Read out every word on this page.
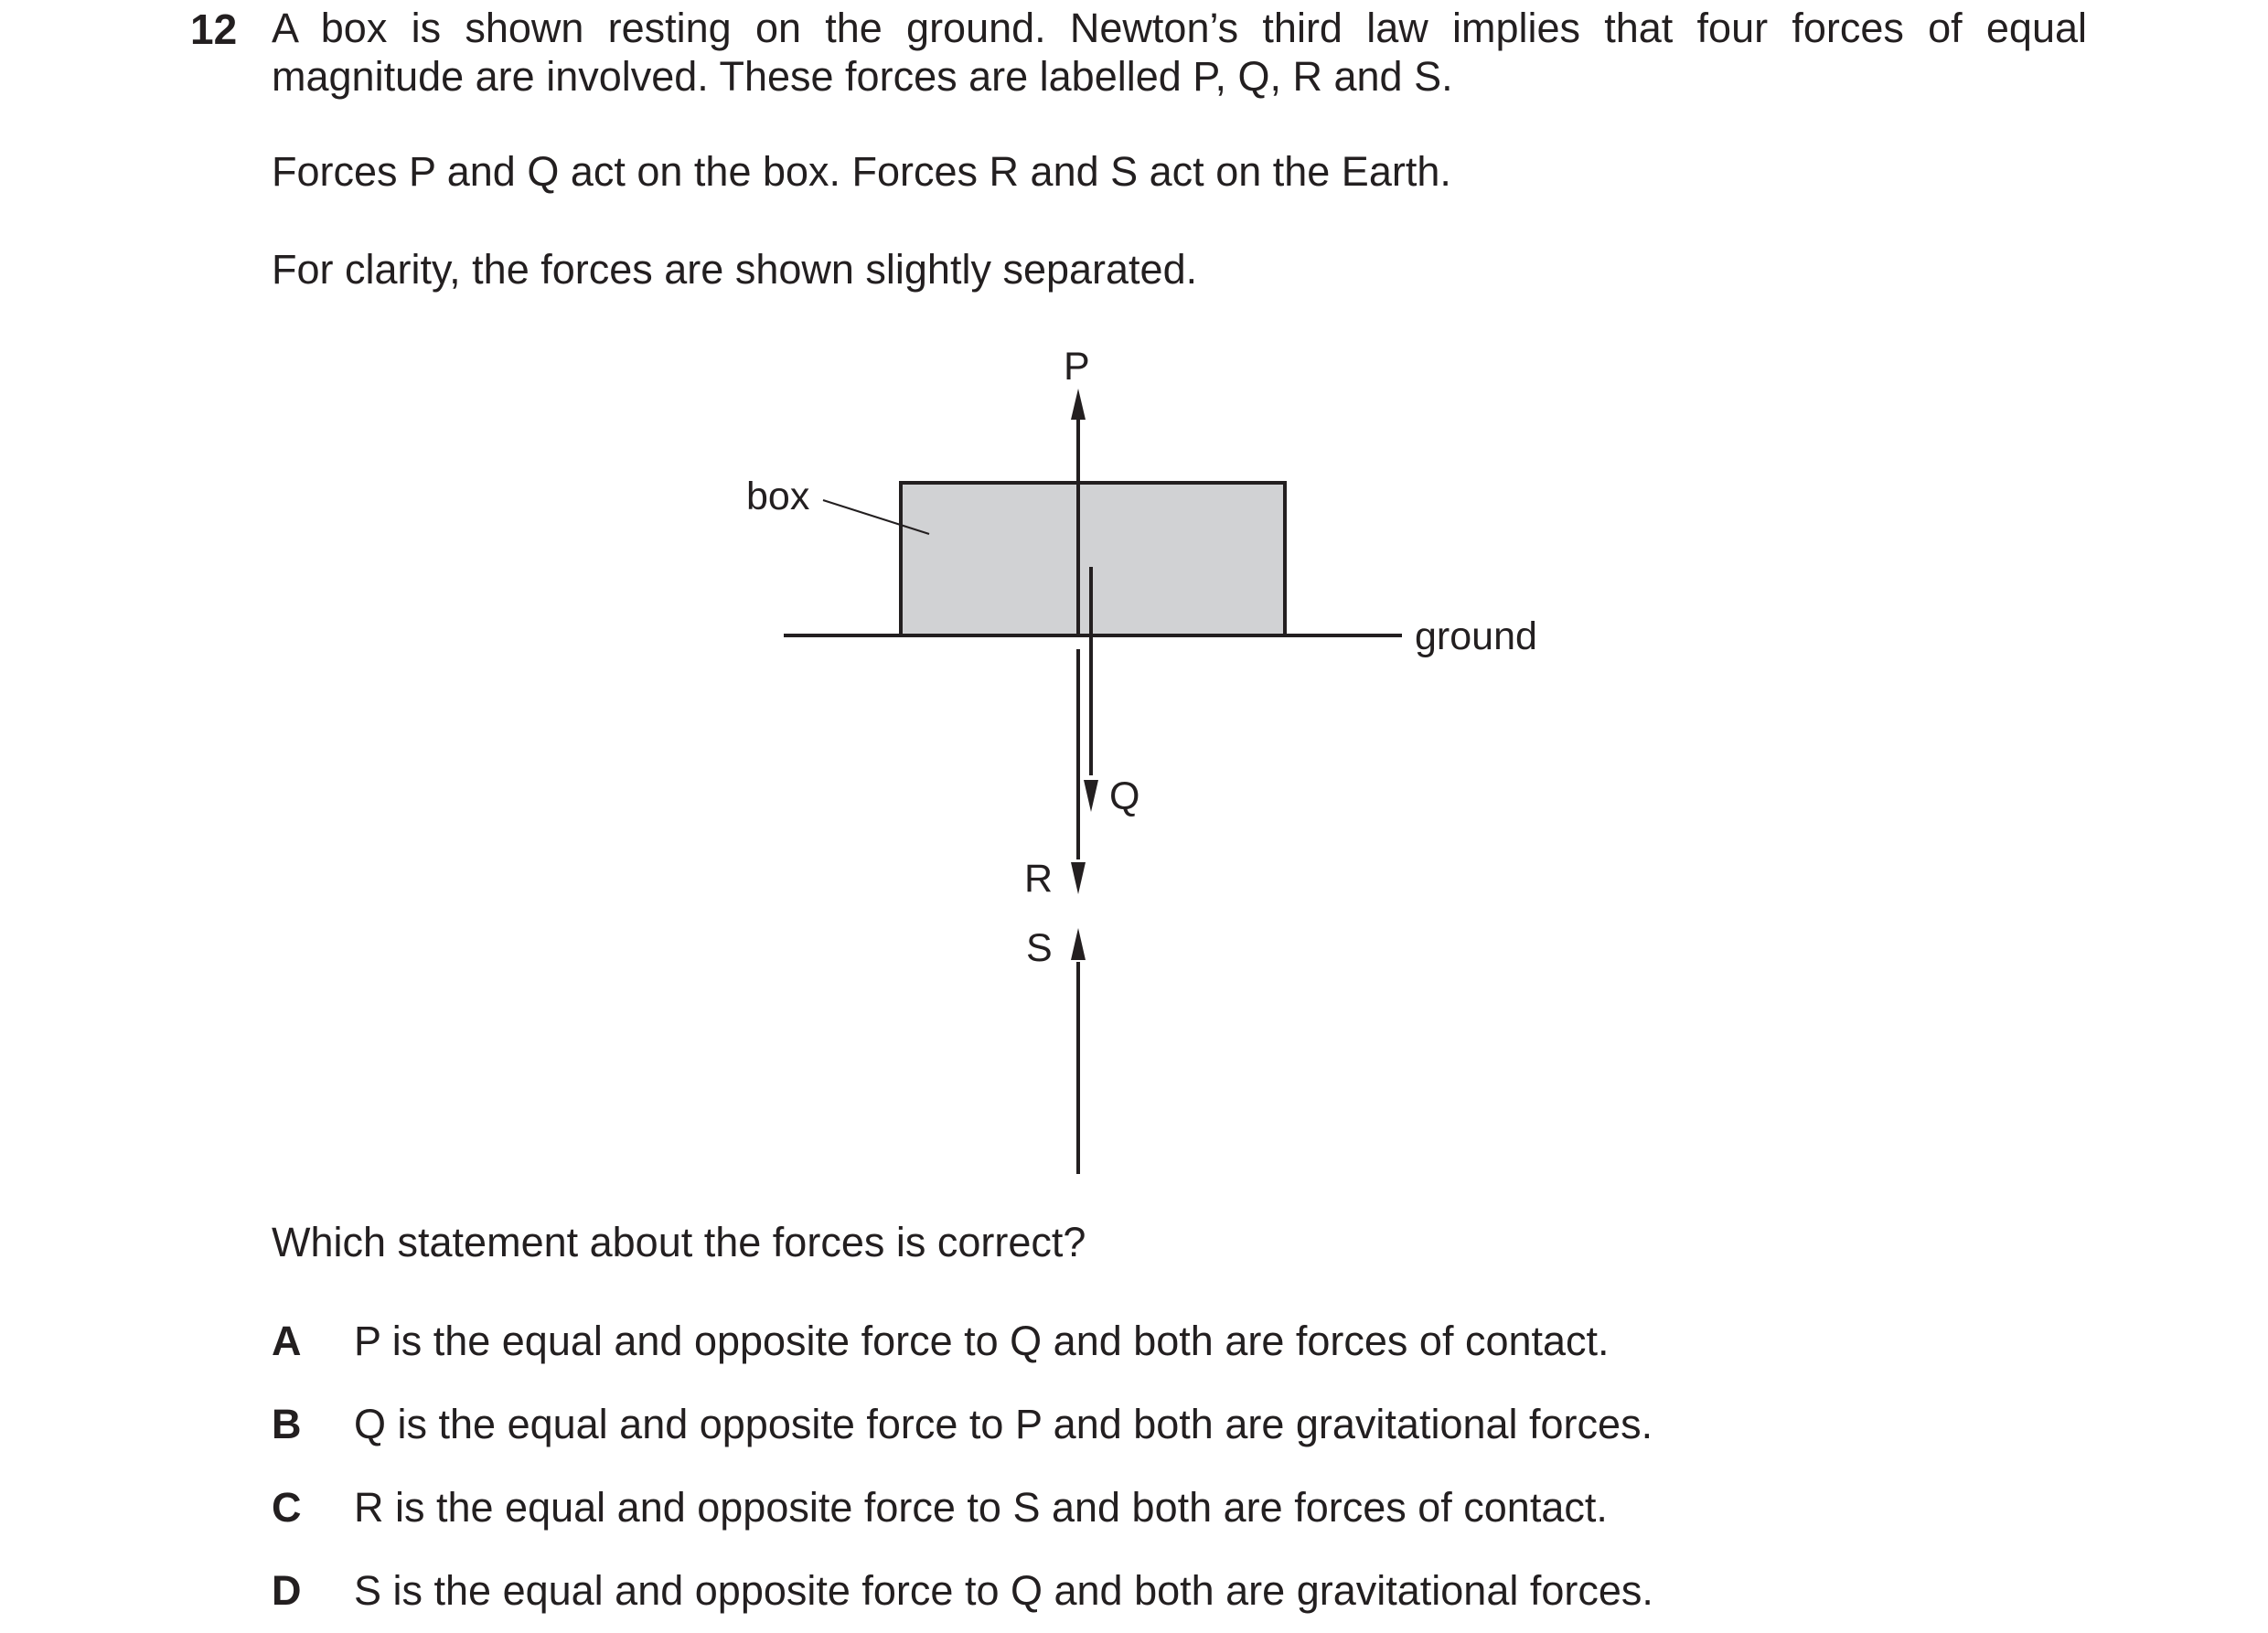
12 A box is shown resting on the ground. Newton’s third law implies that four forces of equal magnitude are involved. These forces are labelled P, Q, R and S.

Forces P and Q act on the box. Forces R and S act on the Earth.
For clarity, the forces are shown slightly separated.
box
ground
P
Q
R
S
Which statement about the forces is correct?
A P is the equal and opposite force to Q and both are forces of contact.
B Q is the equal and opposite force to P and both are gravitational forces.
C R is the equal and opposite force to S and both are forces of contact.
D S is the equal and opposite force to Q and both are gravitational forces.
